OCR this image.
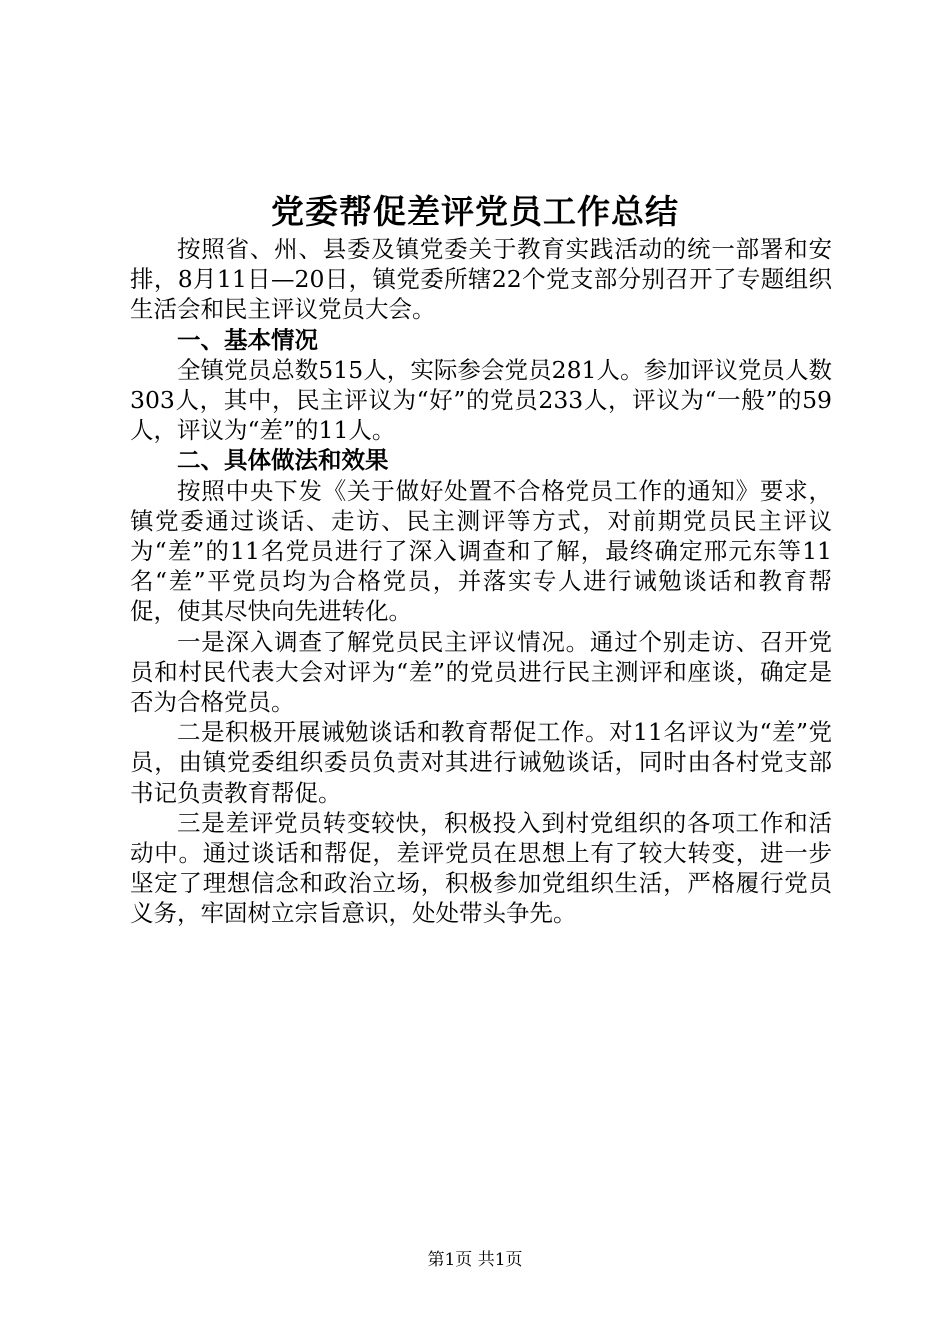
党委帮促差评党员工作总结

按照省、州、县委及镇党委关于教育实践活动的统一部署和安排，8月11日—20日，镇党委所辖22个党支部分别召开了专题组织生活会和民主评议党员大会。

一、基本情况

全镇党员总数515人，实际参会党员281人。参加评议党员人数303人，其中，民主评议为“好”的党员233人，评议为“一般”的59人，评议为“差”的11人。

二、具体做法和效果

按照中央下发《关于做好处置不合格党员工作的通知》要求，镇党委通过谈话、走访、民主测评等方式，对前期党员民主评议为“差”的11名党员进行了深入调查和了解，最终确定邢元东等11名“差”平党员均为合格党员，并落实专人进行诫勉谈话和教育帮促，使其尽快向先进转化。

一是深入调查了解党员民主评议情况。通过个别走访、召开党员和村民代表大会对评为“差”的党员进行民主测评和座谈，确定是否为合格党员。

二是积极开展诫勉谈话和教育帮促工作。对11名评议为“差”党员，由镇党委组织委员负责对其进行诫勉谈话，同时由各村党支部书记负责教育帮促。

三是差评党员转变较快，积极投入到村党组织的各项工作和活动中。通过谈话和帮促，差评党员在思想上有了较大转变，进一步坚定了理想信念和政治立场，积极参加党组织生活，严格履行党员义务，牢固树立宗旨意识，处处带头争先。

第1页 共1页
